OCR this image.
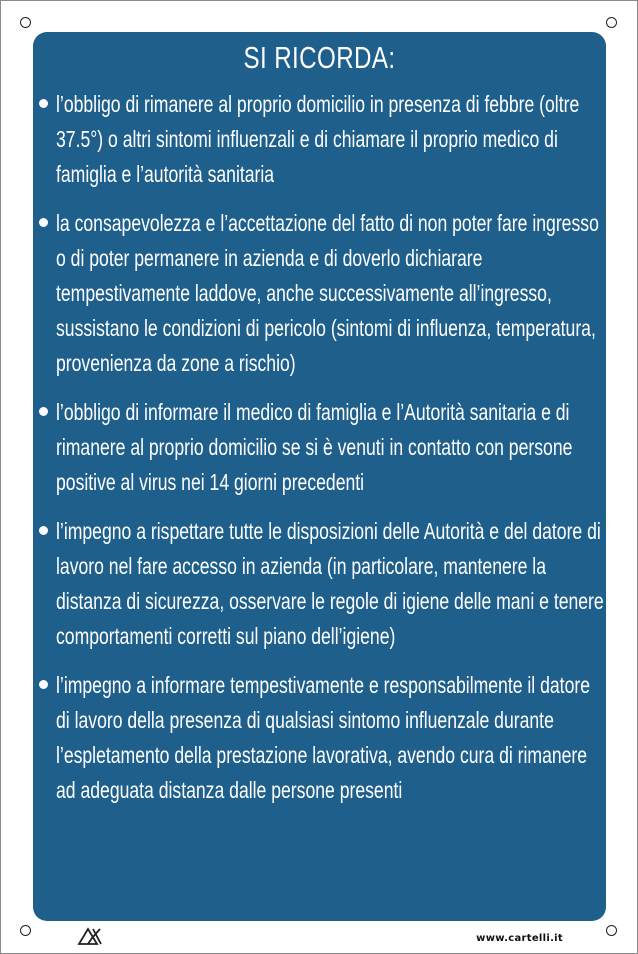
SI RICORDA:
l’obbligo di rimanere al proprio domicilio in presenza di febbre (oltre 37.5°) o altri sintomi influenzali e di chiamare il proprio medico di famiglia e l’autorità sanitaria
la consapevolezza e l’accettazione del fatto di non poter fare ingresso o di poter permanere in azienda e di doverlo dichiarare tempestivamente laddove, anche successivamente all’ingresso, sussistano le condizioni di pericolo (sintomi di influenza, temperatura, provenienza da zone a rischio)
l’obbligo di informare il medico di famiglia e l’Autorità sanitaria e di rimanere al proprio domicilio se si è venuti in contatto con persone positive al virus nei 14 giorni precedenti
l’impegno a rispettare tutte le disposizioni delle Autorità e del datore di lavoro nel fare accesso in azienda (in particolare, mantenere la distanza di sicurezza, osservare le regole di igiene delle mani e tenere comportamenti corretti sul piano dell’igiene)
l’impegno a informare tempestivamente e responsabilmente il datore di lavoro della presenza di qualsiasi sintomo influenzale durante l’espletamento della prestazione lavorativa, avendo cura di rimanere ad adeguata distanza dalle persone presenti
www.cartelli.it
